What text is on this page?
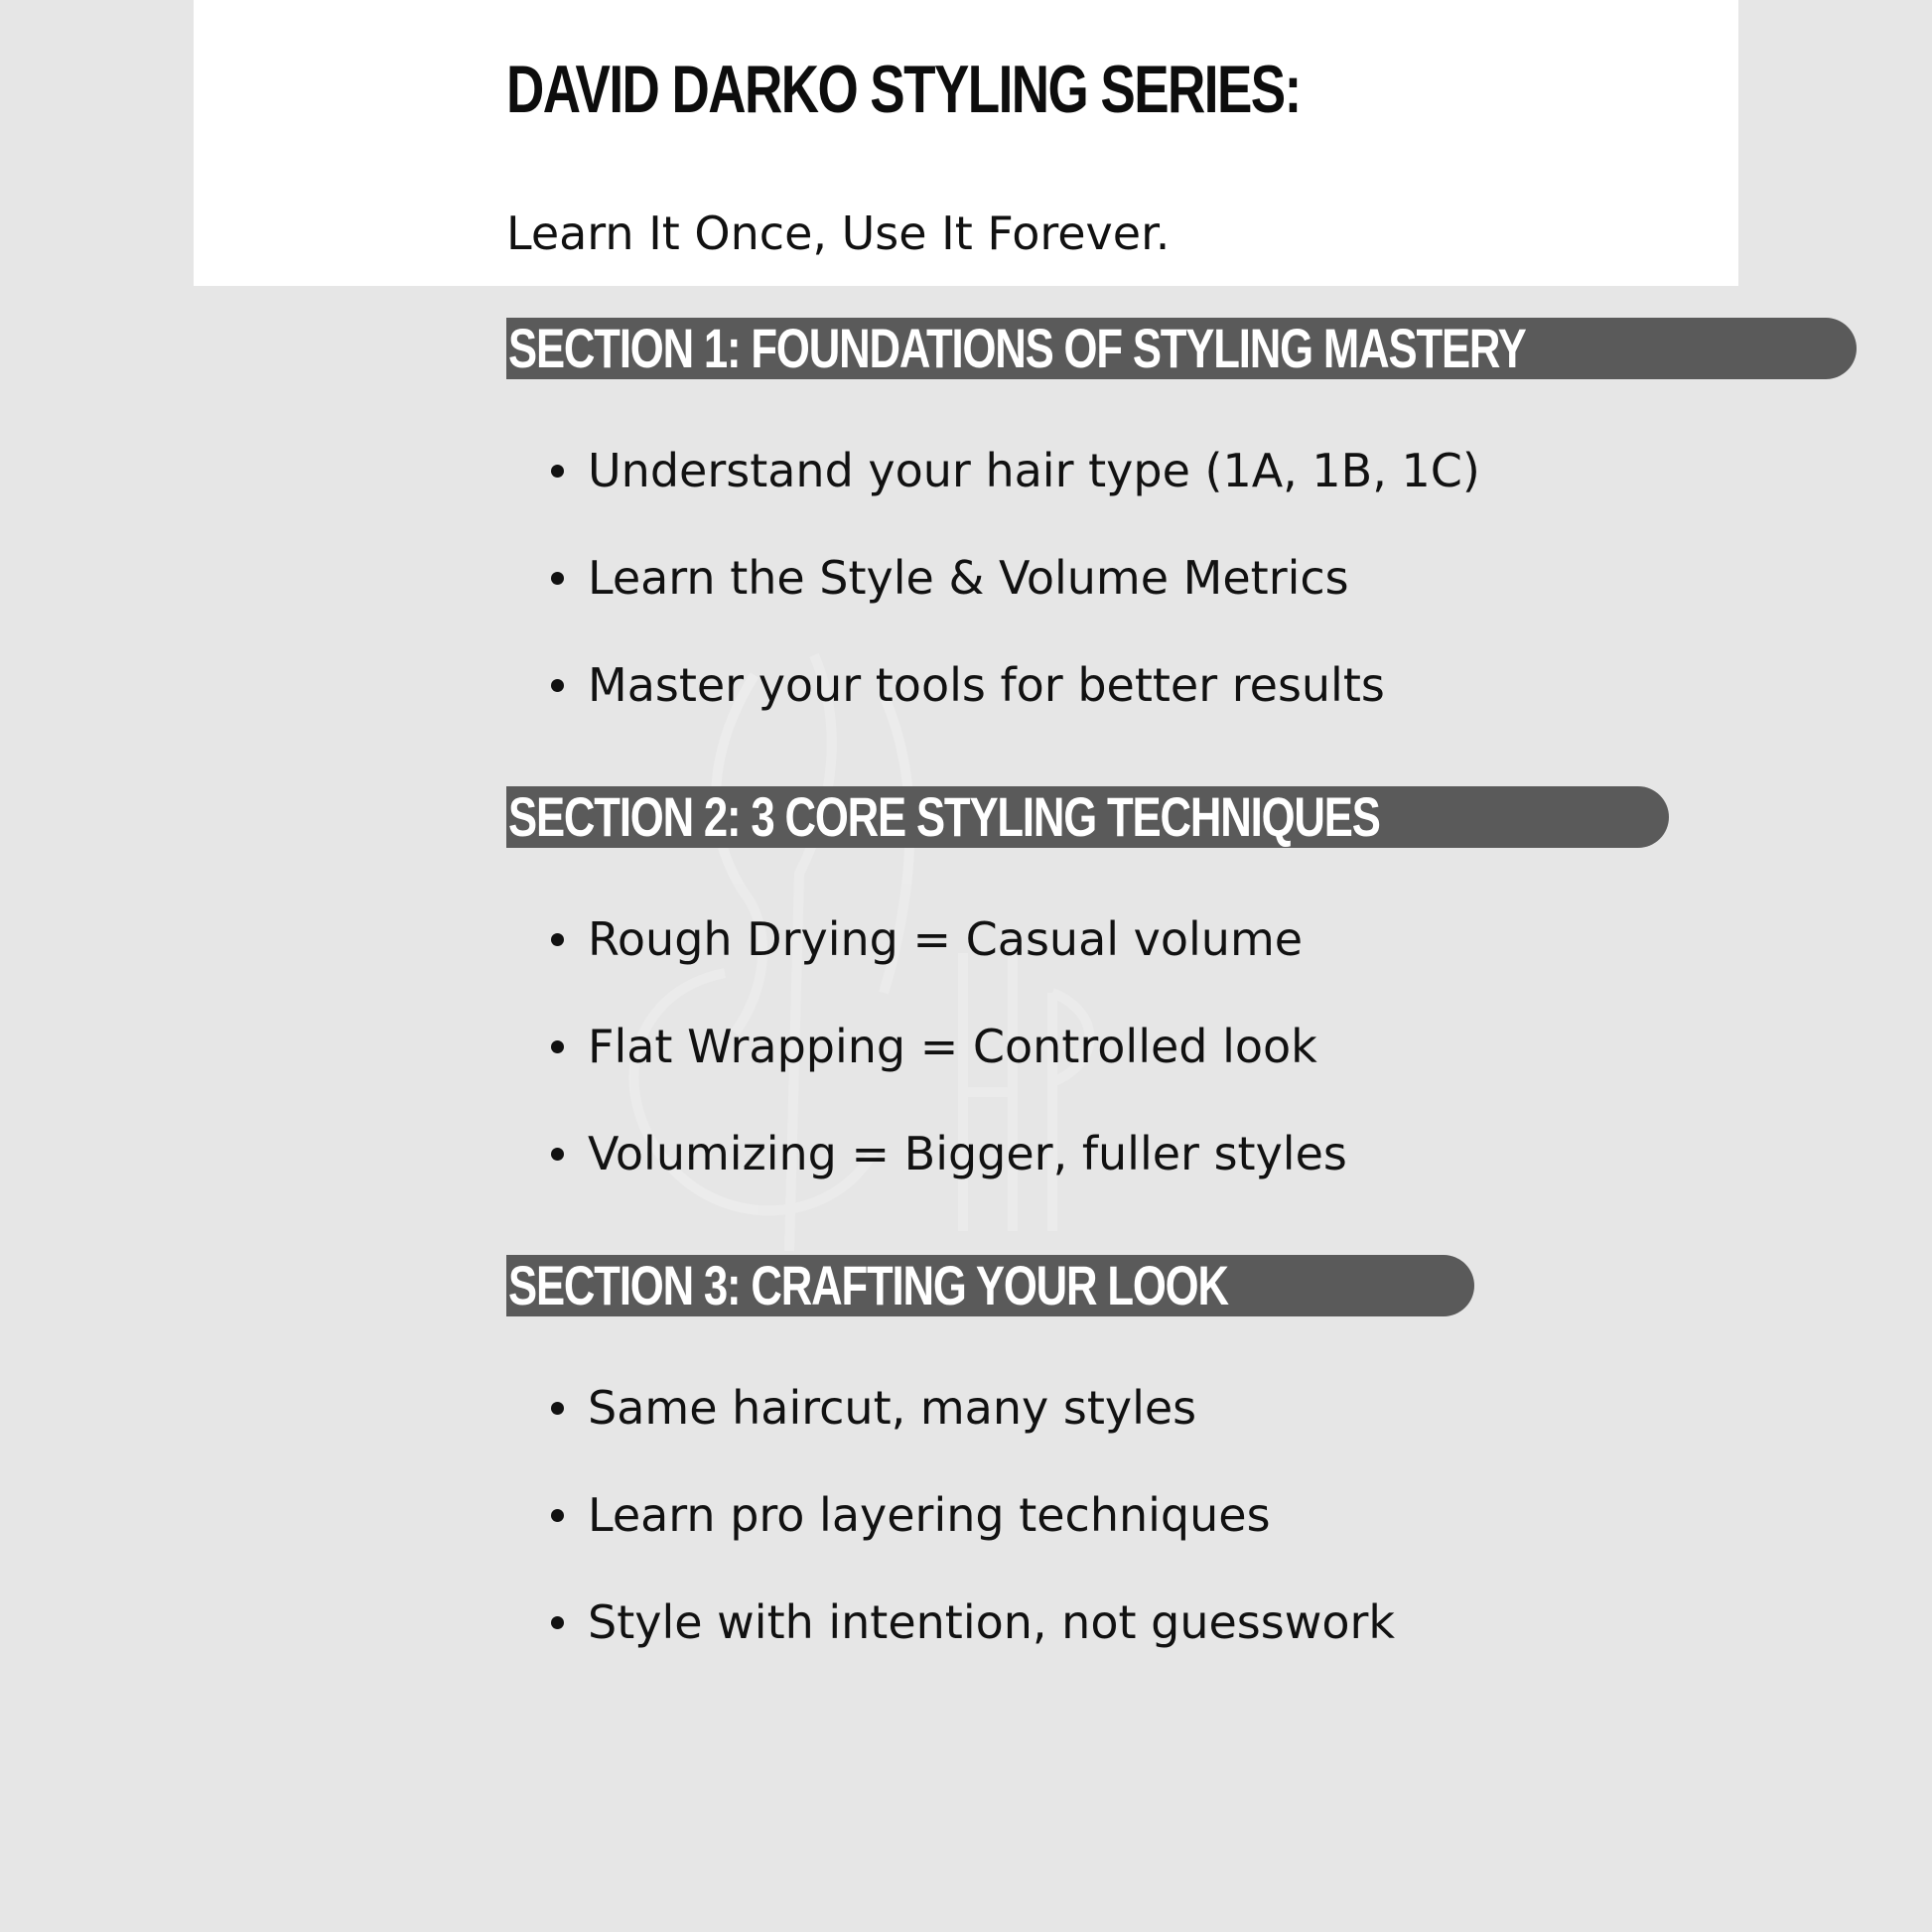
DAVID DARKO STYLING SERIES:

Learn It Once, Use It Forever.

SECTION 1: FOUNDATIONS OF STYLING MASTERY
Understand your hair type (1A, 1B, 1C)
Learn the Style & Volume Metrics
Master your tools for better results
SECTION 2: 3 CORE STYLING TECHNIQUES
Rough Drying = Casual volume
Flat Wrapping = Controlled look
Volumizing = Bigger, fuller styles
SECTION 3: CRAFTING YOUR LOOK
Same haircut, many styles
Learn pro layering techniques
Style with intention, not guesswork
